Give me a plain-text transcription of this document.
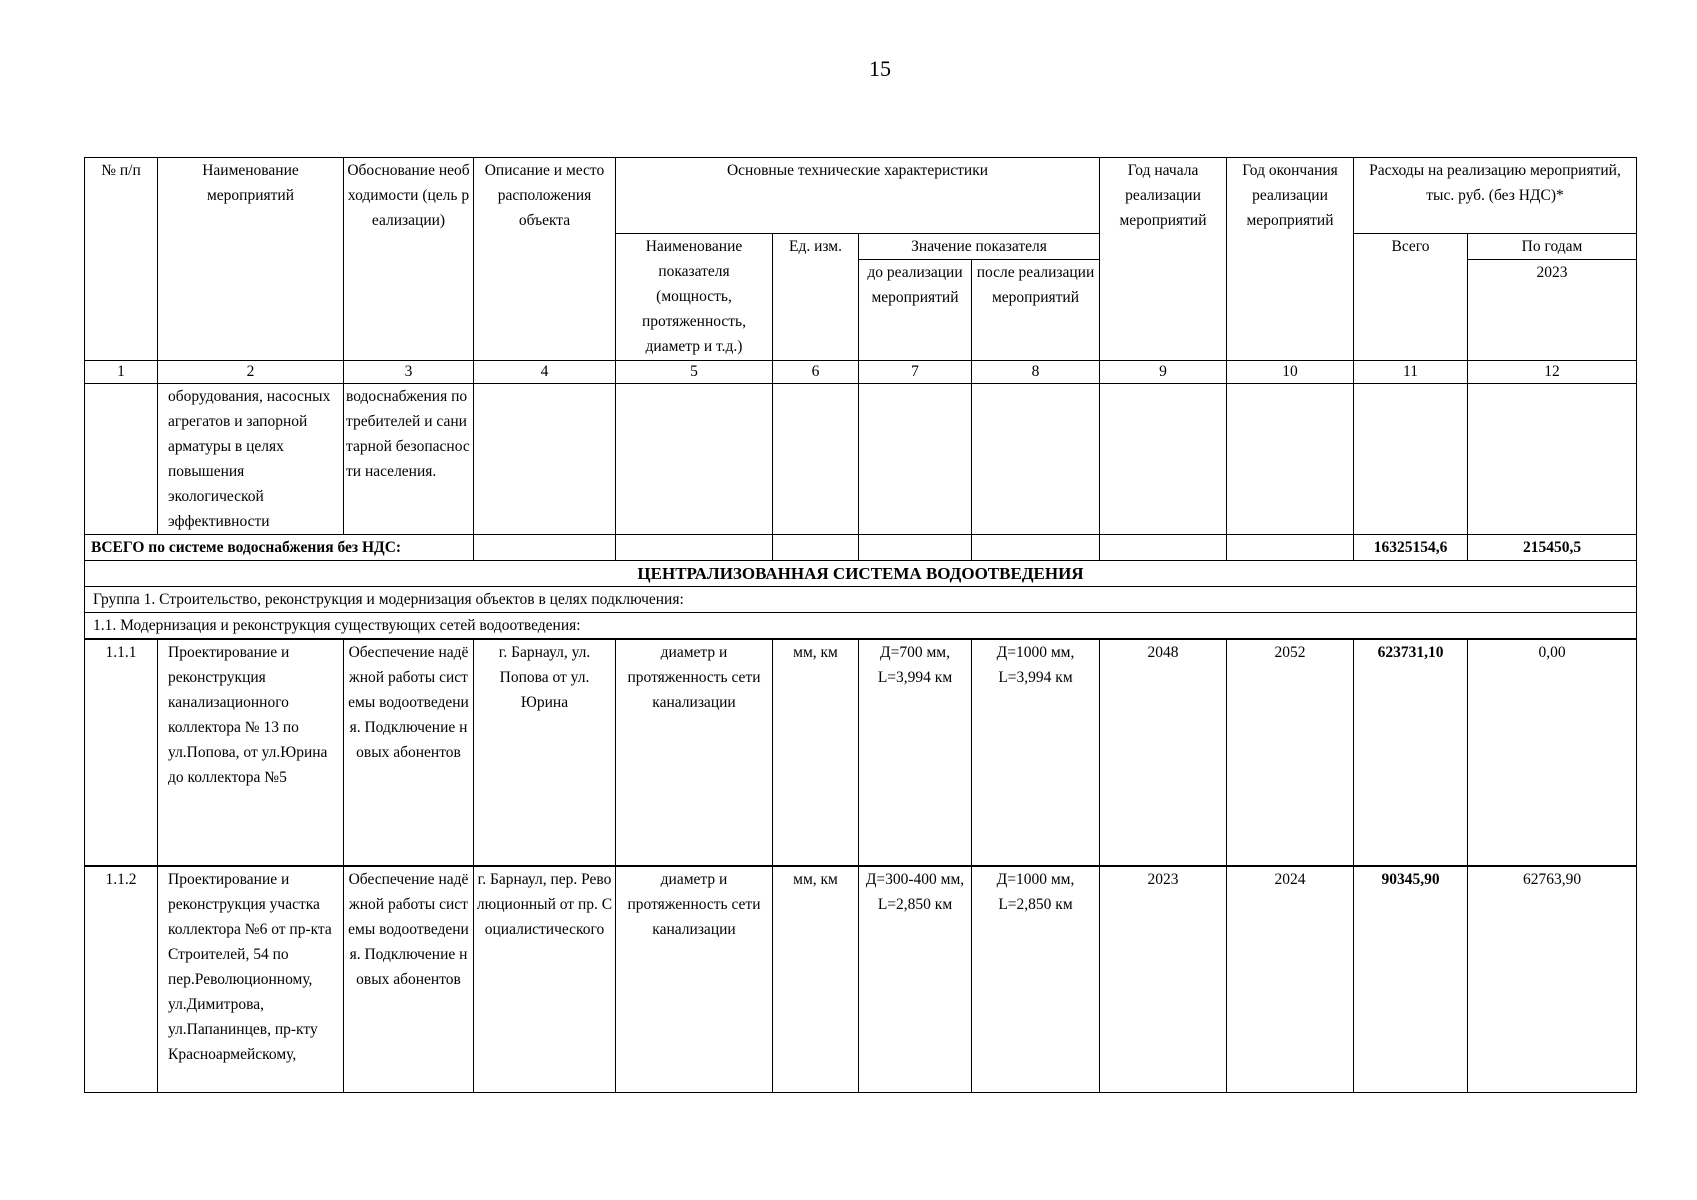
15
№ п/п	Наименование мероприятий	Обоснование необходимости (цель реализации)	Описание и место расположения объекта	Основные технические характеристики				Год начала реализации мероприятий	Год окончания реализации мероприятий	Расходы на реализацию мероприятий, тыс. руб. (без НДС)*	
				Наименование показателя (мощность, протяженность, диаметр и т.д.)	Ед. изм.	Значение показателя				Всего	По годам
						до реализации мероприятий	после реализации мероприятий				2023
1	2	3	4	5	6	7	8	9	10	11	12
	оборудования, насосных агрегатов и запорной арматуры в целях повышения экологической эффективности	водоснабжения потребителей и санитарной безопасности населения.									
ВСЕГО по системе водоснабжения без НДС:										16325154,6	215450,5
ЦЕНТРАЛИЗОВАННАЯ СИСТЕМА ВОДООТВЕДЕНИЯ											
Группа 1. Строительство, реконструкция и модернизация объектов в целях подключения:											
1.1. Модернизация и реконструкция существующих сетей водоотведения:											
1.1.1	Проектирование и реконструкция канализационного коллектора № 13 по ул.Попова, от ул.Юрина до коллектора №5	Обеспечение надёжной работы системы водоотведения. Подключение новых абонентов	г. Барнаул, ул. Попова от ул. Юрина	диаметр и протяженность сети канализации	мм, км	Д=700 мм, L=3,994 км	Д=1000 мм, L=3,994 км	2048	2052	623731,10	0,00
1.1.2	Проектирование и реконструкция участка коллектора №6 от пр-кта Строителей, 54 по пер.Революционному, ул.Димитрова, ул.Папанинцев, пр-кту Красноармейскому,	Обеспечение надёжной работы системы водоотведения. Подключение новых абонентов	г. Барнаул, пер. Революционный от пр. Социалистического	диаметр и протяженность сети канализации	мм, км	Д=300-400 мм, L=2,850 км	Д=1000 мм, L=2,850 км	2023	2024	90345,90	62763,90
